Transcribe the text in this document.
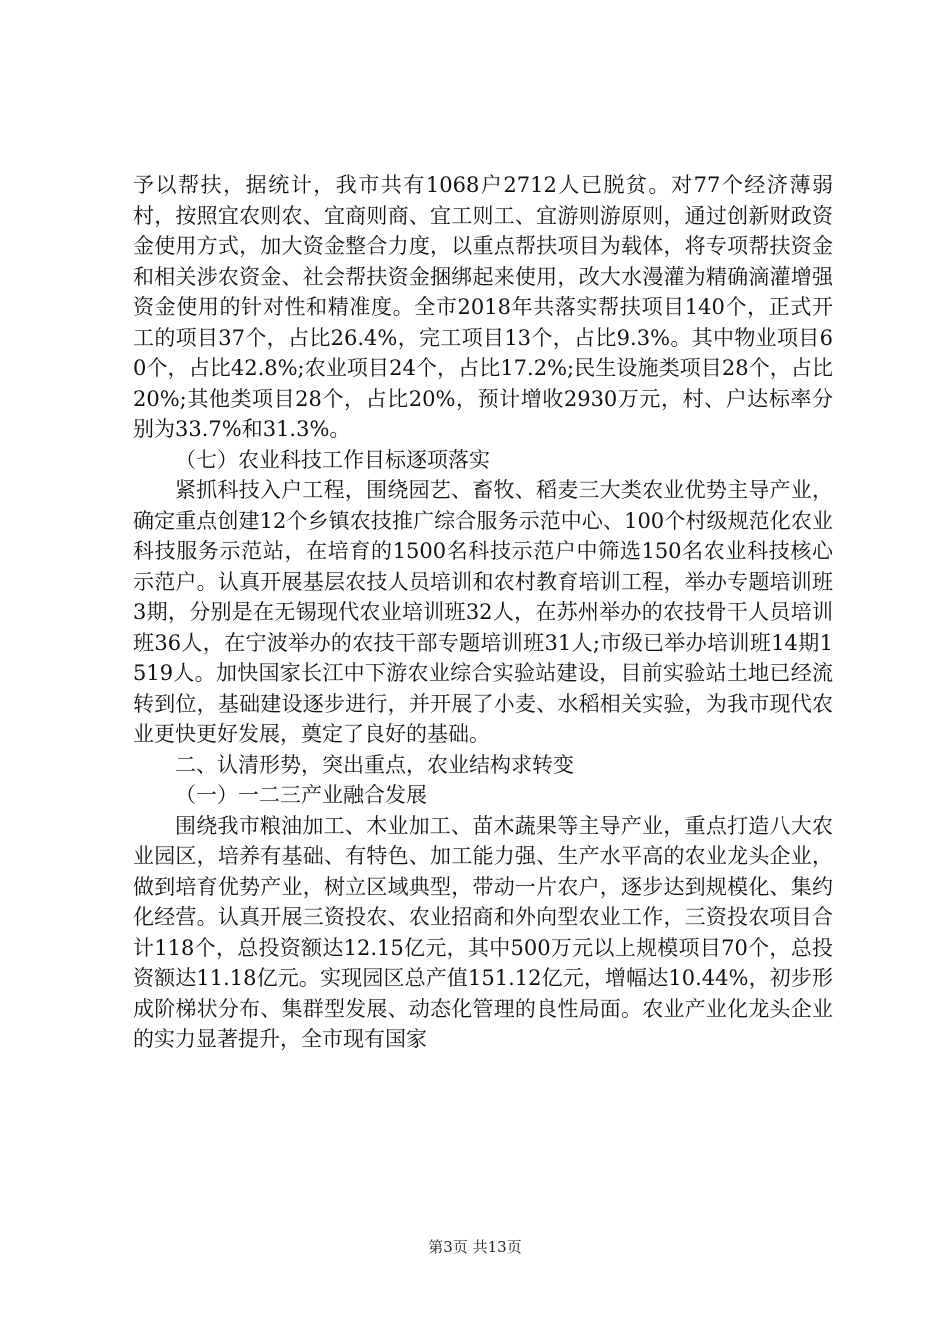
予以帮扶，据统计，我市共有1068户2712人已脱贫。对77个经济薄弱村，按照宜农则农、宜商则商、宜工则工、宜游则游原则，通过创新财政资金使用方式，加大资金整合力度，以重点帮扶项目为载体，将专项帮扶资金和相关涉农资金、社会帮扶资金捆绑起来使用，改大水漫灌为精确滴灌增强资金使用的针对性和精准度。全市2018年共落实帮扶项目140个，正式开工的项目37个，占比26.4%，完工项目13个，占比9.3%。其中物业项目60个，占比42.8%;农业项目24个，占比17.2%;民生设施类项目28个，占比20%;其他类项目28个，占比20%，预计增收2930万元，村、户达标率分别为33.7%和31.3%。

（七）农业科技工作目标逐项落实

紧抓科技入户工程，围绕园艺、畜牧、稻麦三大类农业优势主导产业，确定重点创建12个乡镇农技推广综合服务示范中心、100个村级规范化农业科技服务示范站，在培育的1500名科技示范户中筛选150名农业科技核心示范户。认真开展基层农技人员培训和农村教育培训工程，举办专题培训班3期，分别是在无锡现代农业培训班32人，在苏州举办的农技骨干人员培训班36人，在宁波举办的农技干部专题培训班31人;市级已举办培训班14期1519人。加快国家长江中下游农业综合实验站建设，目前实验站土地已经流转到位，基础建设逐步进行，并开展了小麦、水稻相关实验，为我市现代农业更快更好发展，奠定了良好的基础。

二、认清形势，突出重点，农业结构求转变

（一）一二三产业融合发展

围绕我市粮油加工、木业加工、苗木蔬果等主导产业，重点打造八大农业园区，培养有基础、有特色、加工能力强、生产水平高的农业龙头企业，做到培育优势产业，树立区域典型，带动一片农户，逐步达到规模化、集约化经营。认真开展三资投农、农业招商和外向型农业工作，三资投农项目合计118个，总投资额达12.15亿元，其中500万元以上规模项目70个，总投资额达11.18亿元。实现园区总产值151.12亿元，增幅达10.44%，初步形成阶梯状分布、集群型发展、动态化管理的良性局面。农业产业化龙头企业的实力显著提升，全市现有国家

第3页 共13页
